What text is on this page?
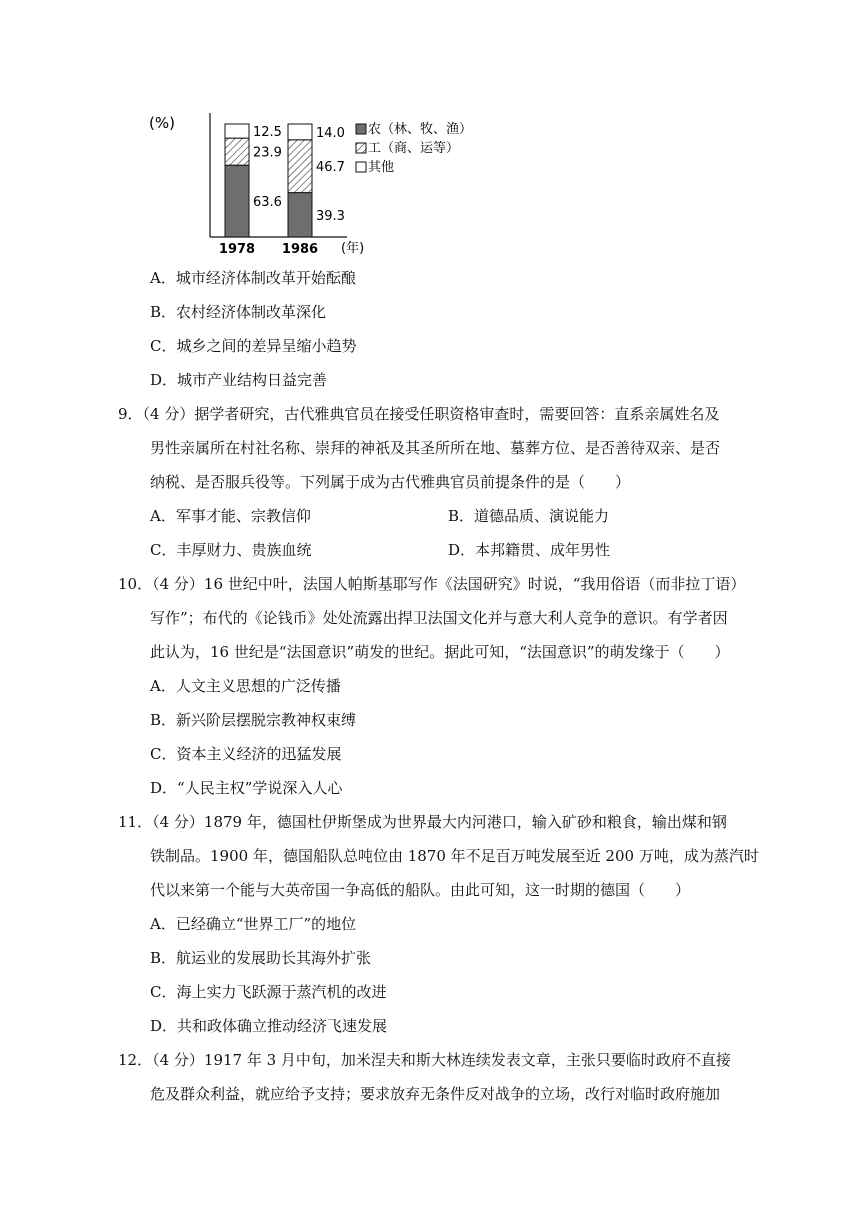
(%)
63.6
23.9
12.5
39.3
46.7
14.0
1978 1986 (年)
农（林、牧、渔）
工（商、运等）
其他
A．城市经济体制改革开始酝酿
B．农村经济体制改革深化
C．城乡之间的差异呈缩小趋势
D．城市产业结构日益完善
9．（4 分）据学者研究，古代雅典官员在接受任职资格审查时，需要回答：直系亲属姓名及
男性亲属所在村社名称、崇拜的神祇及其圣所所在地、墓葬方位、是否善待双亲、是否
纳税、是否服兵役等。下列属于成为古代雅典官员前提条件的是（　　）
A．军事才能、宗教信仰	B．道德品质、演说能力
C．丰厚财力、贵族血统	D．本邦籍贯、成年男性
10．（4 分）16 世纪中叶，法国人帕斯基耶写作《法国研究》时说，“我用俗语（而非拉丁语）
写作”；布代的《论钱币》处处流露出捍卫法国文化并与意大利人竞争的意识。有学者因
此认为，16 世纪是“法国意识”萌发的世纪。据此可知，“法国意识”的萌发缘于（　　）
A．人文主义思想的广泛传播
B．新兴阶层摆脱宗教神权束缚
C．资本主义经济的迅猛发展
D．“人民主权”学说深入人心
11．（4 分）1879 年，德国杜伊斯堡成为世界最大内河港口，输入矿砂和粮食，输出煤和钢
铁制品。1900 年，德国船队总吨位由 1870 年不足百万吨发展至近 200 万吨，成为蒸汽时
代以来第一个能与大英帝国一争高低的船队。由此可知，这一时期的德国（　　）
A．已经确立“世界工厂”的地位
B．航运业的发展助长其海外扩张
C．海上实力飞跃源于蒸汽机的改进
D．共和政体确立推动经济飞速发展
12．（4 分）1917 年 3 月中旬，加米涅夫和斯大林连续发表文章，主张只要临时政府不直接
危及群众利益，就应给予支持；要求放弃无条件反对战争的立场，改行对临时政府施加
